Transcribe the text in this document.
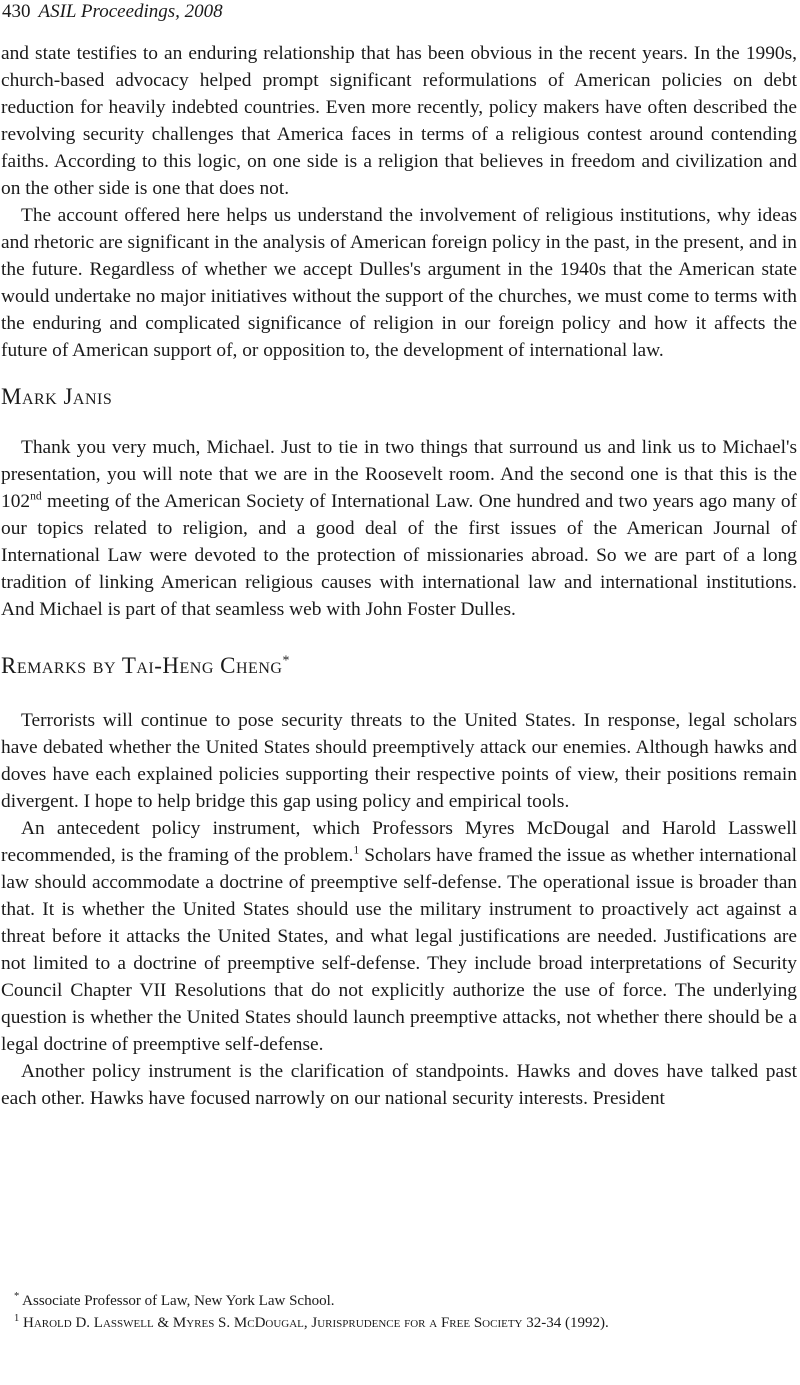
430 ASIL Proceedings, 2008

and state testifies to an enduring relationship that has been obvious in the recent years. In the 1990s, church-based advocacy helped prompt significant reformulations of American policies on debt reduction for heavily indebted countries. Even more recently, policy makers have often described the revolving security challenges that America faces in terms of a religious contest around contending faiths. According to this logic, on one side is a religion that believes in freedom and civilization and on the other side is one that does not.

The account offered here helps us understand the involvement of religious institutions, why ideas and rhetoric are significant in the analysis of American foreign policy in the past, in the present, and in the future. Regardless of whether we accept Dulles's argument in the 1940s that the American state would undertake no major initiatives without the support of the churches, we must come to terms with the enduring and complicated significance of religion in our foreign policy and how it affects the future of American support of, or opposition to, the development of international law.

Mark Janis

Thank you very much, Michael. Just to tie in two things that surround us and link us to Michael's presentation, you will note that we are in the Roosevelt room. And the second one is that this is the 102nd meeting of the American Society of International Law. One hundred and two years ago many of our topics related to religion, and a good deal of the first issues of the American Journal of International Law were devoted to the protection of missionaries abroad. So we are part of a long tradition of linking American religious causes with international law and international institutions. And Michael is part of that seamless web with John Foster Dulles.

Remarks by Tai-Heng Cheng*

Terrorists will continue to pose security threats to the United States. In response, legal scholars have debated whether the United States should preemptively attack our enemies. Although hawks and doves have each explained policies supporting their respective points of view, their positions remain divergent. I hope to help bridge this gap using policy and empirical tools.

An antecedent policy instrument, which Professors Myres McDougal and Harold Lasswell recommended, is the framing of the problem.$^1$ Scholars have framed the issue as whether international law should accommodate a doctrine of preemptive self-defense. The operational issue is broader than that. It is whether the United States should use the military instrument to proactively act against a threat before it attacks the United States, and what legal justifications are needed. Justifications are not limited to a doctrine of preemptive self-defense. They include broad interpretations of Security Council Chapter VII Resolutions that do not explicitly authorize the use of force. The underlying question is whether the United States should launch preemptive attacks, not whether there should be a legal doctrine of preemptive self-defense.

Another policy instrument is the clarification of standpoints. Hawks and doves have talked past each other. Hawks have focused narrowly on our national security interests. President

* Associate Professor of Law, New York Law School.
$^1$ Harold D. Lasswell & Myres S. McDougal, Jurisprudence for a Free Society 32-34 (1992).
